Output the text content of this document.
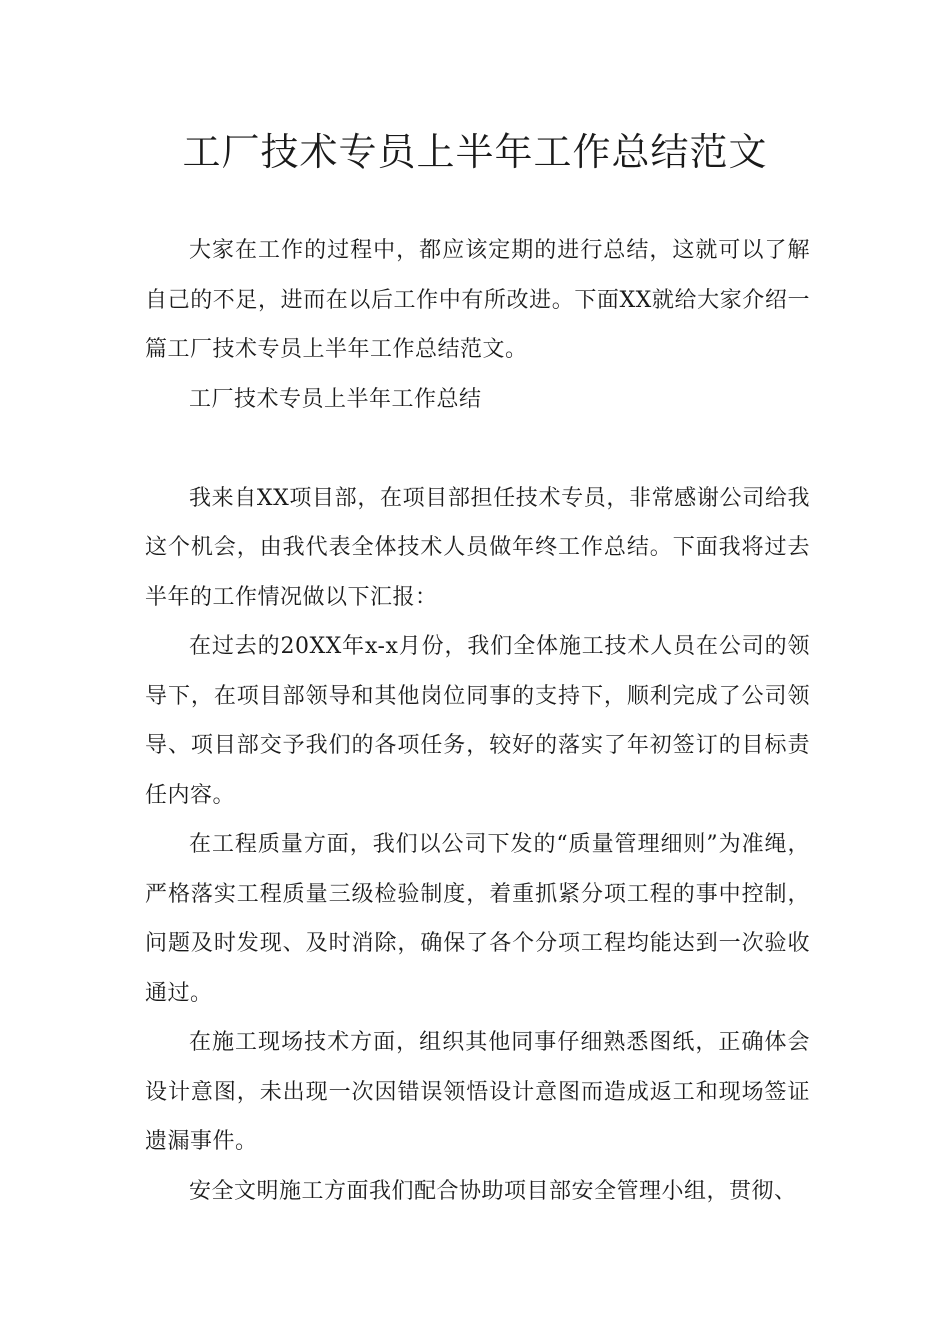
工厂技术专员上半年工作总结范文

大家在工作的过程中，都应该定期的进行总结，这就可以了解自己的不足，进而在以后工作中有所改进。下面XX就给大家介绍一篇工厂技术专员上半年工作总结范文。

工厂技术专员上半年工作总结

我来自XX项目部，在项目部担任技术专员，非常感谢公司给我这个机会，由我代表全体技术人员做年终工作总结。下面我将过去半年的工作情况做以下汇报：

在过去的20XX年x-x月份，我们全体施工技术人员在公司的领导下，在项目部领导和其他岗位同事的支持下，顺利完成了公司领导、项目部交予我们的各项任务，较好的落实了年初签订的目标责任内容。

在工程质量方面，我们以公司下发的“质量管理细则”为准绳，严格落实工程质量三级检验制度，着重抓紧分项工程的事中控制，问题及时发现、及时消除，确保了各个分项工程均能达到一次验收通过。

在施工现场技术方面，组织其他同事仔细熟悉图纸，正确体会设计意图，未出现一次因错误领悟设计意图而造成返工和现场签证遗漏事件。

安全文明施工方面我们配合协助项目部安全管理小组，贯彻、
